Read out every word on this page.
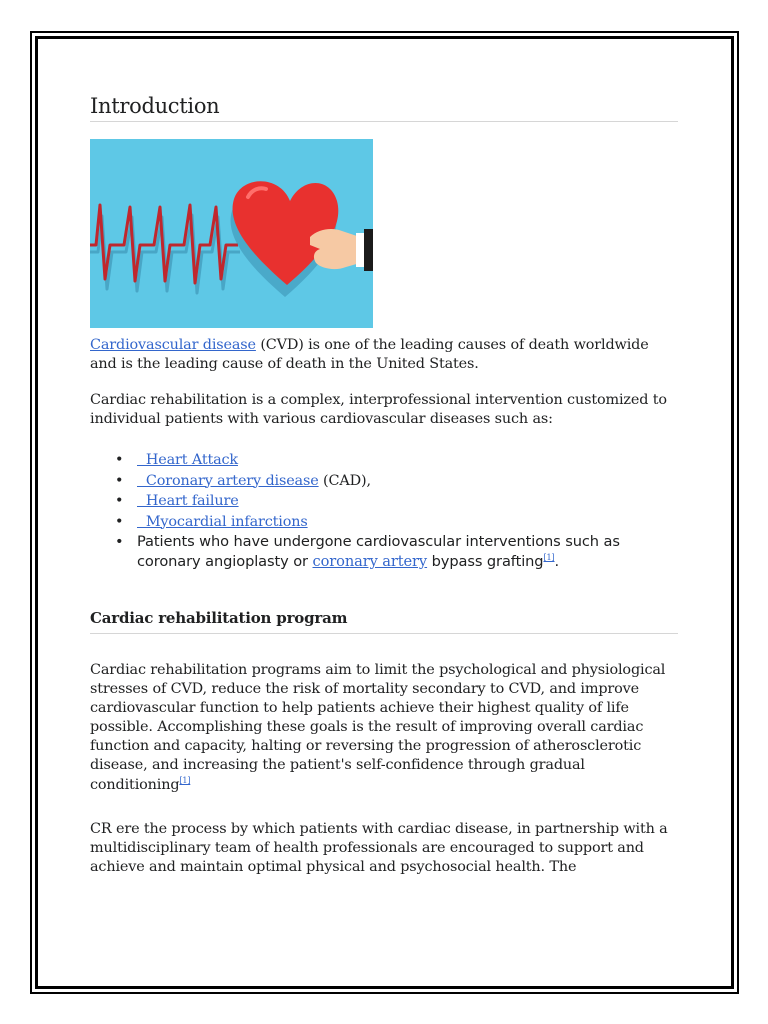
Introduction

Cardiovascular disease (CVD) is one of the leading causes of death worldwide and is the leading cause of death in the United States.

Cardiac rehabilitation is a complex, interprofessional intervention customized to individual patients with various cardiovascular diseases such as:

• Heart Attack
• Coronary artery disease (CAD),
• Heart failure
• Myocardial infarctions
• Patients who have undergone cardiovascular interventions such as coronary angioplasty or coronary artery bypass grafting[1].
Cardiac rehabilitation program

Cardiac rehabilitation programs aim to limit the psychological and physiological stresses of CVD, reduce the risk of mortality secondary to CVD, and improve cardiovascular function to help patients achieve their highest quality of life possible. Accomplishing these goals is the result of improving overall cardiac function and capacity, halting or reversing the progression of atherosclerotic disease, and increasing the patient's self-confidence through gradual conditioning[1]

CR ere the process by which patients with cardiac disease, in partnership with a multidisciplinary team of health professionals are encouraged to support and achieve and maintain optimal physical and psychosocial health. The
